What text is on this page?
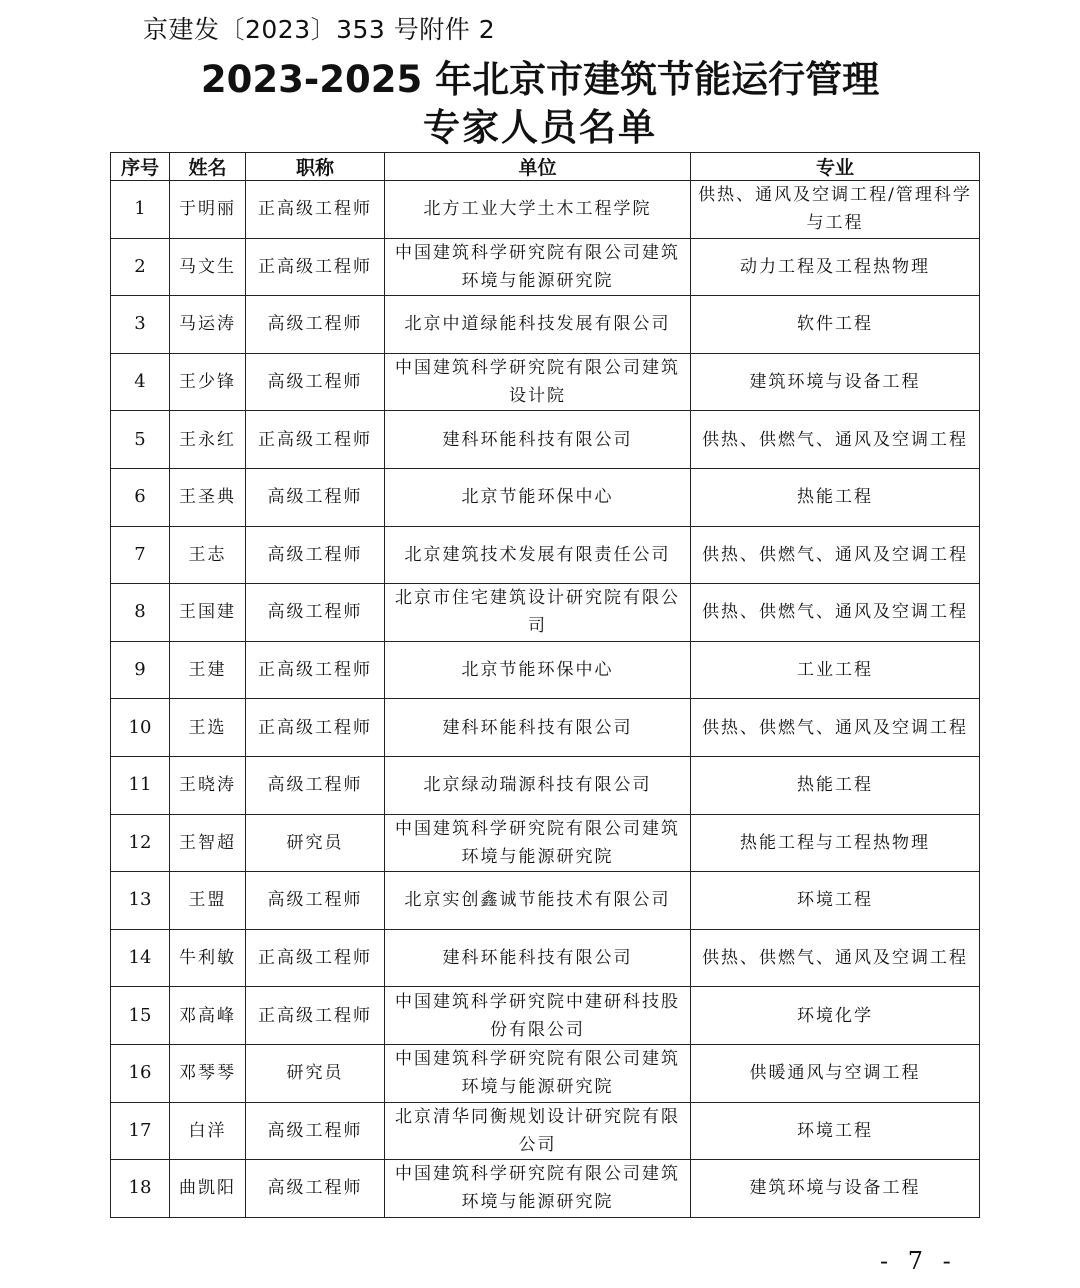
京建发〔2023〕353 号附件 2
2023-2025 年北京市建筑节能运行管理
专家人员名单
序号	姓名	职称	单位	专业
1	于明丽	正高级工程师	北方工业大学土木工程学院	供热、通风及空调工程/管理科学与工程
2	马文生	正高级工程师	中国建筑科学研究院有限公司建筑环境与能源研究院	动力工程及工程热物理
3	马运涛	高级工程师	北京中道绿能科技发展有限公司	软件工程
4	王少锋	高级工程师	中国建筑科学研究院有限公司建筑设计院	建筑环境与设备工程
5	王永红	正高级工程师	建科环能科技有限公司	供热、供燃气、通风及空调工程
6	王圣典	高级工程师	北京节能环保中心	热能工程
7	王志	高级工程师	北京建筑技术发展有限责任公司	供热、供燃气、通风及空调工程
8	王国建	高级工程师	北京市住宅建筑设计研究院有限公司	供热、供燃气、通风及空调工程
9	王建	正高级工程师	北京节能环保中心	工业工程
10	王选	正高级工程师	建科环能科技有限公司	供热、供燃气、通风及空调工程
11	王晓涛	高级工程师	北京绿动瑞源科技有限公司	热能工程
12	王智超	研究员	中国建筑科学研究院有限公司建筑环境与能源研究院	热能工程与工程热物理
13	王盟	高级工程师	北京实创鑫诚节能技术有限公司	环境工程
14	牛利敏	正高级工程师	建科环能科技有限公司	供热、供燃气、通风及空调工程
15	邓高峰	正高级工程师	中国建筑科学研究院中建研科技股份有限公司	环境化学
16	邓琴琴	研究员	中国建筑科学研究院有限公司建筑环境与能源研究院	供暖通风与空调工程
17	白洋	高级工程师	北京清华同衡规划设计研究院有限公司	环境工程
18	曲凯阳	高级工程师	中国建筑科学研究院有限公司建筑环境与能源研究院	建筑环境与设备工程
- 7 -
